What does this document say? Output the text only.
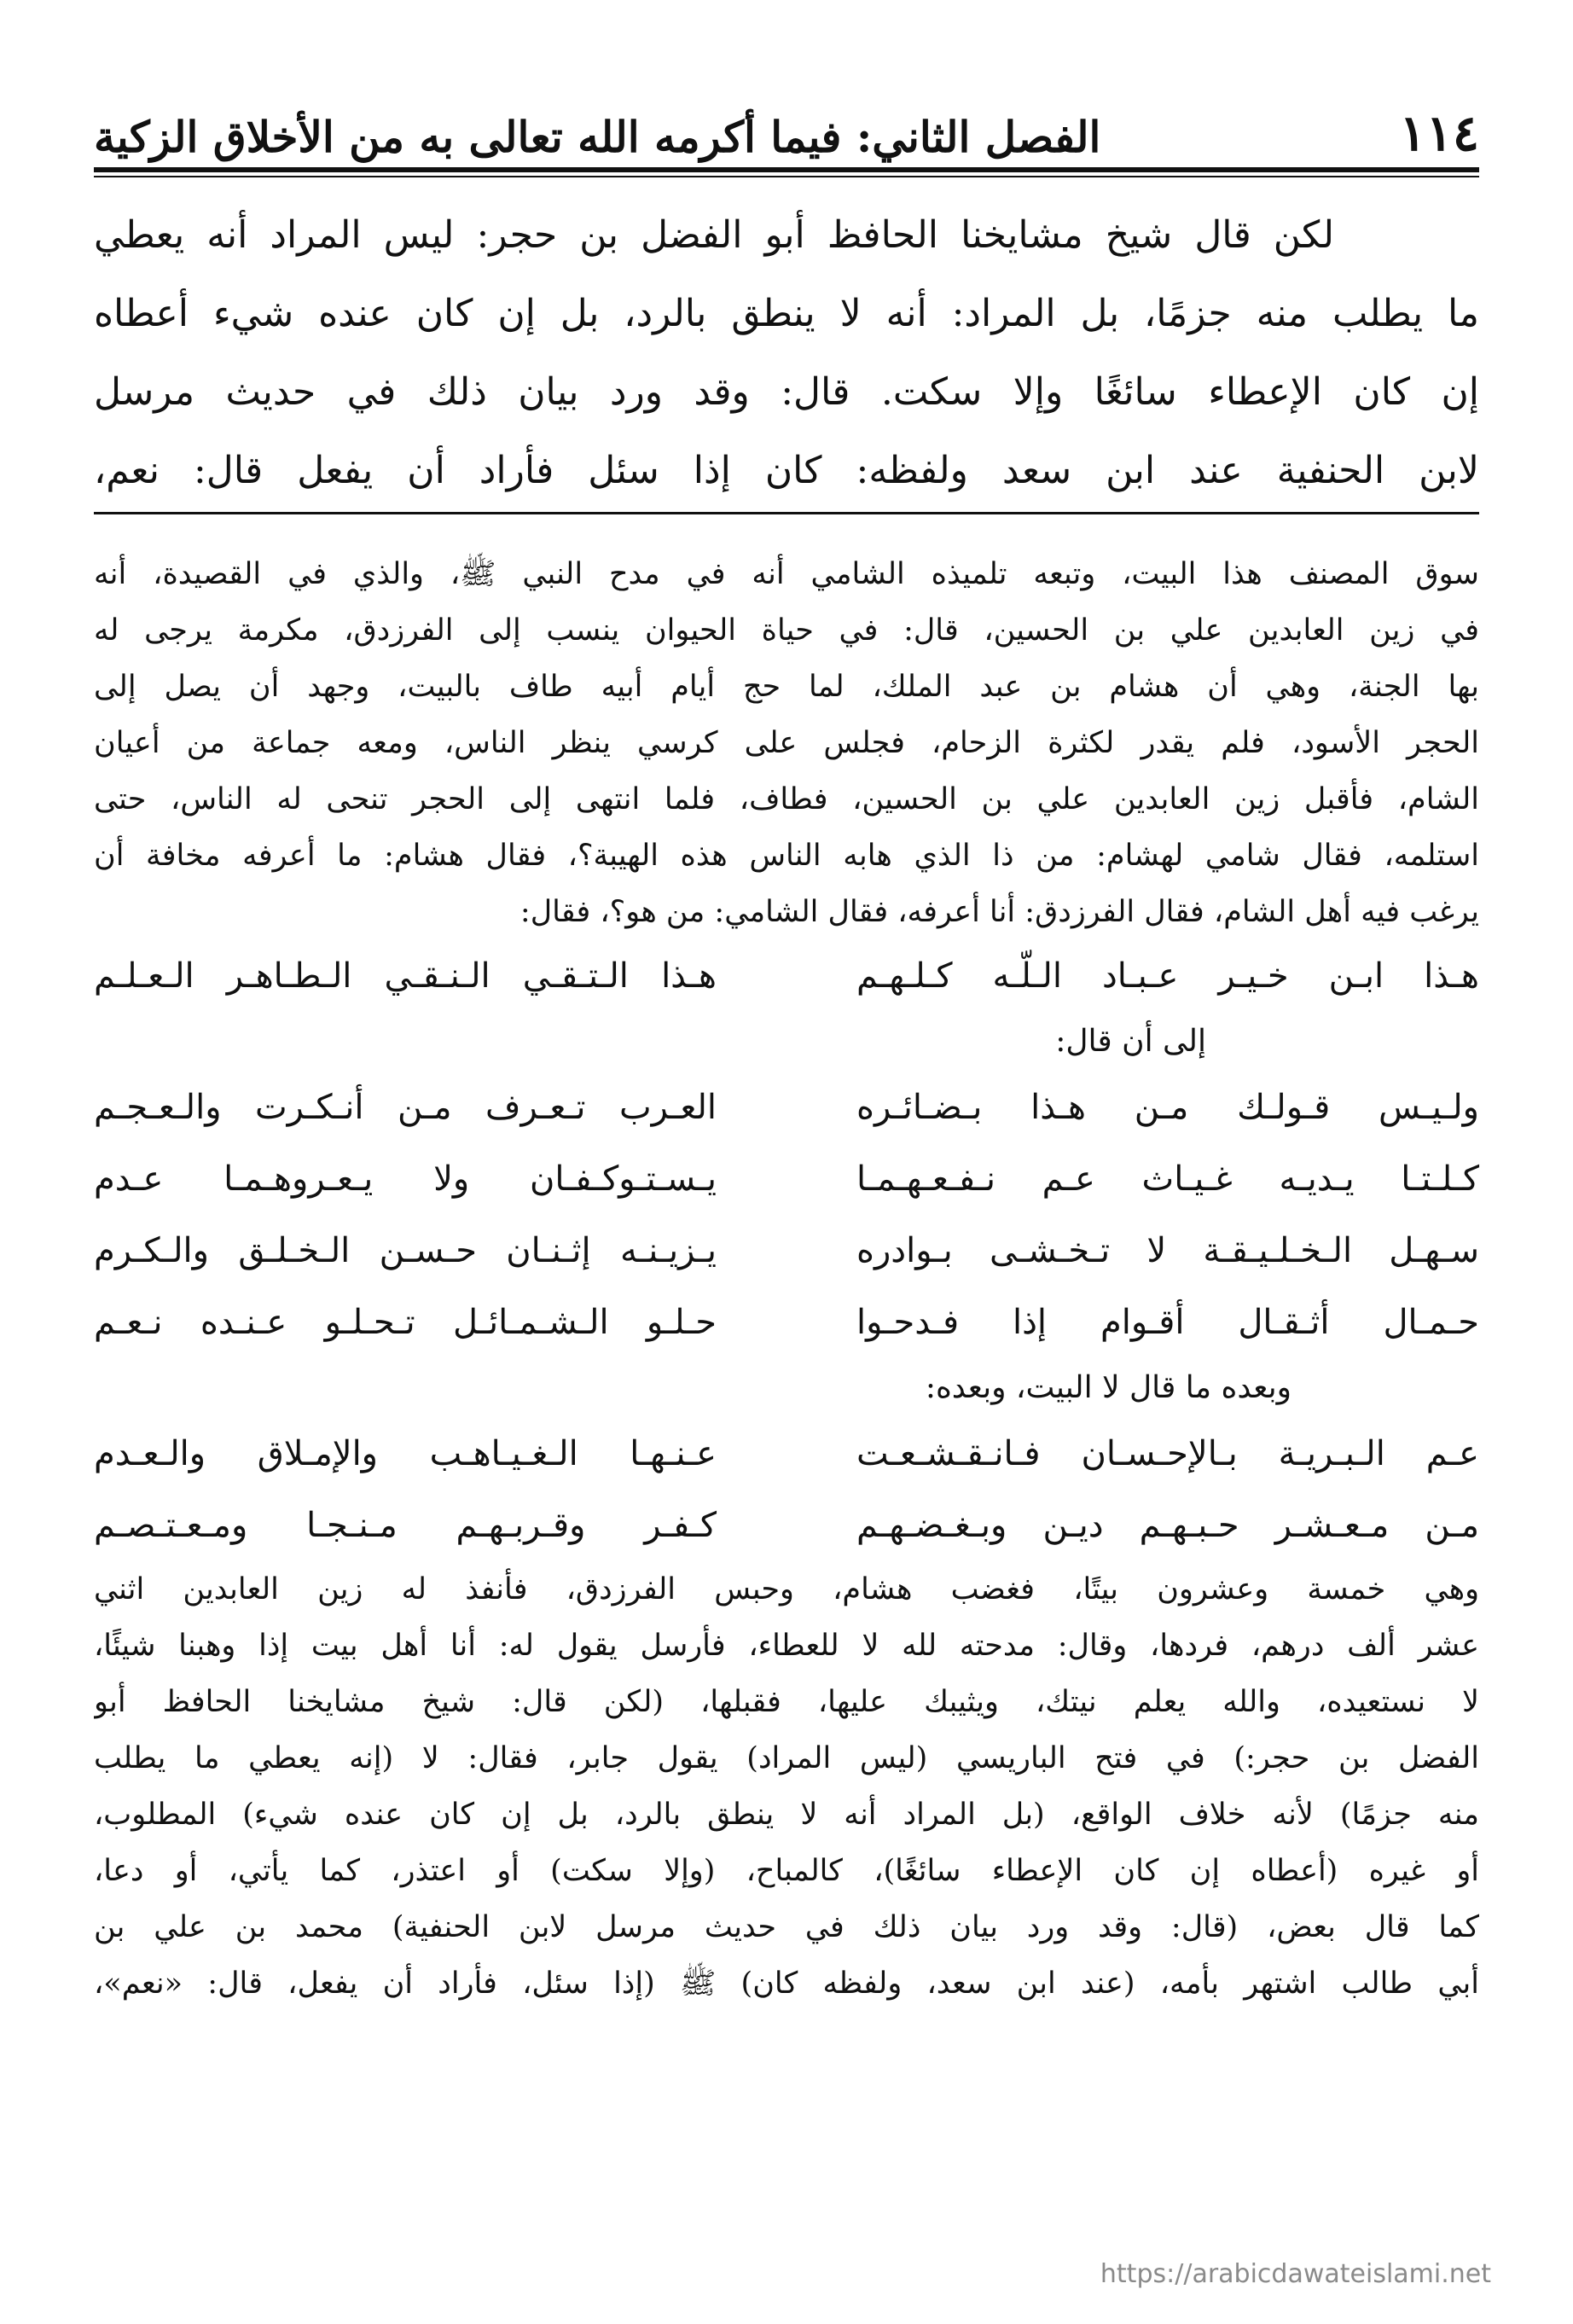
١١٤
الفصل الثاني: فيما أكرمه الله تعالى به من الأخلاق الزكية
لكن قال شيخ مشايخنا الحافظ أبو الفضل بن حجر: ليس المراد أنه يعطي
ما يطلب منه جزمًا، بل المراد: أنه لا ينطق بالرد، بل إن كان عنده شيء أعطاه
إن كان الإعطاء سائغًا وإلا سكت. قال: وقد ورد بيان ذلك في حديث مرسل
لابن الحنفية عند ابن سعد ولفظه: كان إذا سئل فأراد أن يفعل قال: نعم،
سوق المصنف هذا البيت، وتبعه تلميذه الشامي أنه في مدح النبي ﷺ، والذي في القصيدة، أنه
في زين العابدين علي بن الحسين، قال: في حياة الحيوان ينسب إلى الفرزدق، مكرمة يرجى له
بها الجنة، وهي أن هشام بن عبد الملك، لما حج أيام أبيه طاف بالبيت، وجهد أن يصل إلى
الحجر الأسود، فلم يقدر لكثرة الزحام، فجلس على كرسي ينظر الناس، ومعه جماعة من أعيان
الشام، فأقبل زين العابدين علي بن الحسين، فطاف، فلما انتهى إلى الحجر تنحى له الناس، حتى
استلمه، فقال شامي لهشام: من ذا الذي هابه الناس هذه الهيبة؟، فقال هشام: ما أعرفه مخافة أن
يرغب فيه أهل الشام، فقال الفرزدق: أنا أعرفه، فقال الشامي: من هو؟، فقال:
هـذا ابـن خـيـر عـبـاد الـلّـه كـلـهـم
هـذا الـتـقـي الـنـقـي الـطـاهـر الـعـلـم
إلى أن قال:
ولـيـس قـولـك مـن هـذا بـضـائـره
العـرب تـعـرف مـن أنـكـرت والـعـجـم
كـلـتـا يـديـه غـيـاث عـم نـفـعـهـمـا
يـسـتـوكـفـان ولا يـعـروهـمـا عـدم
سـهـل الـخـلـيـقـة لا تـخـشـى بـوادره
يـزيـنـه إثـنـان حـسـن الـخـلـق والـكـرم
حـمـال أثـقـال أقـوام إذا فـدحـوا
حـلـو الـشـمـائـل تـحـلـو عـنـده نـعـم
وبعده ما قال لا البيت، وبعده:
عـم الـبـريـة بـالإحـسـان فـانـقـشـعـت
عـنـهـا الـغـيـاهـب والإمـلاق والـعـدم
مـن مـعـشـر حـبـهـم ديـن وبـغـضـهـم
كـفـر وقـربـهـم مـنـجـا ومـعـتـصـم
وهي خمسة وعشرون بيتًا، فغضب هشام، وحبس الفرزدق، فأنفذ له زين العابدين اثني
عشر ألف درهم، فردها، وقال: مدحته لله لا للعطاء، فأرسل يقول له: أنا أهل بيت إذا وهبنا شيئًا،
لا نستعيده، والله يعلم نيتك، ويثيبك عليها، فقبلها، (لكن قال: شيخ مشايخنا الحافظ أبو
الفضل بن حجر:) في فتح الباريسي (ليس المراد) يقول جابر، فقال: لا (إنه يعطي ما يطلب
منه جزمًا) لأنه خلاف الواقع، (بل المراد أنه لا ينطق بالرد، بل إن كان عنده شيء) المطلوب،
أو غيره (أعطاه إن كان الإعطاء سائغًا)، كالمباح، (وإلا سكت) أو اعتذر، كما يأتي، أو دعا،
كما قال بعض، (قال: وقد ورد بيان ذلك في حديث مرسل لابن الحنفية) محمد بن علي بن
أبي طالب اشتهر بأمه، (عند ابن سعد، ولفظه كان) ﷺ (إذا سئل، فأراد أن يفعل، قال: «نعم»،
https://arabicdawateislami.net
